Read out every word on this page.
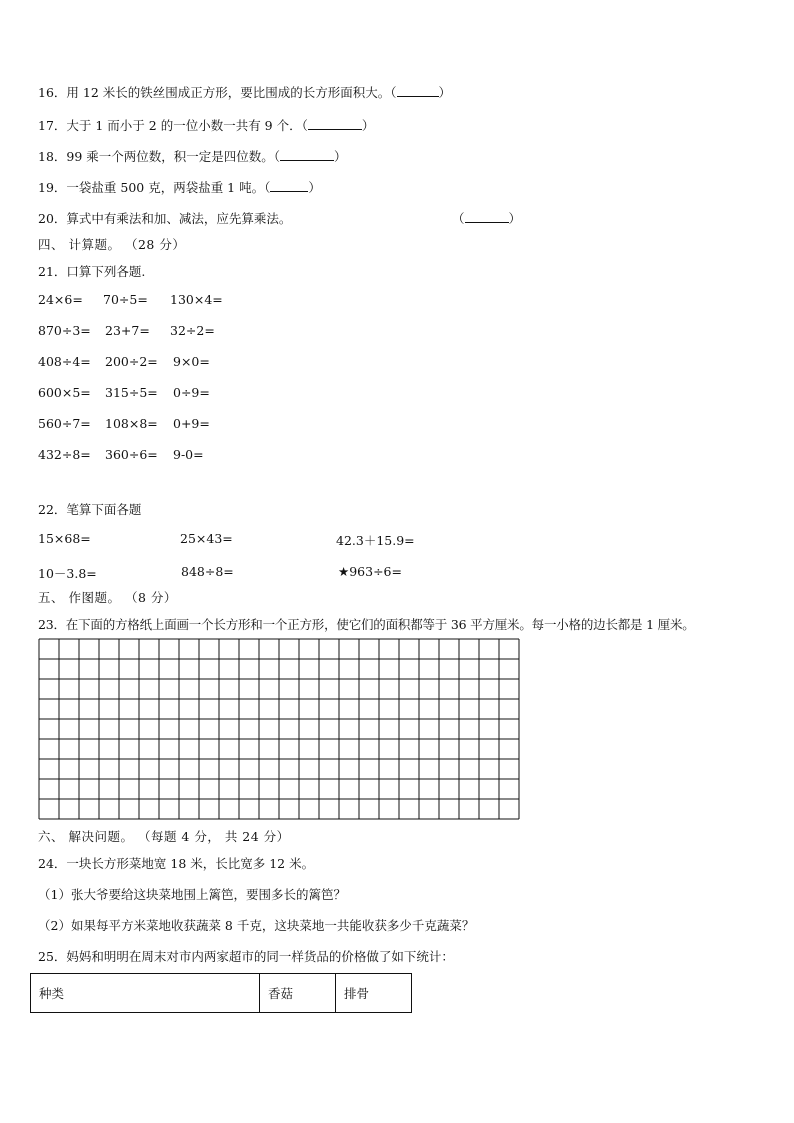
16．用 12 米长的铁丝围成正方形，要比围成的长方形面积大。（	）
17．大于 1 而小于 2 的一位小数一共有 9 个．（	）
18．99 乘一个两位数，积一定是四位数。（	）
19．一袋盐重 500 克，两袋盐重 1 吨。（	）
20．算式中有乘法和加、减法，应先算乘法。	（	）
四、 计算题。 （28 分）
21．口算下列各题.
24×6= 70÷5= 130×4=
870÷3= 23+7= 32÷2=
408÷4= 200÷2= 9×0=
600×5= 315÷5= 0÷9=
560÷7= 108×8= 0+9=
432÷8= 360÷6= 9-0=
22．笔算下面各题
15×68=	25×43=	42.3＋15.9=
10－3.8=	848÷8=	★963÷6=
五、 作图题。 （8 分）
23．在下面的方格纸上面画一个长方形和一个正方形，使它们的面积都等于 36 平方厘米。每一小格的边长都是 1 厘米。
六、 解决问题。 （每题 4 分， 共 24 分）
24．一块长方形菜地宽 18 米，长比宽多 12 米。
（1）张大爷要给这块菜地围上篱笆，要围多长的篱笆？
（2）如果每平方米菜地收获蔬菜 8 千克，这块菜地一共能收获多少千克蔬菜？
25．妈妈和明明在周末对市内两家超市的同一样货品的价格做了如下统计：
种类	香菇	排骨
